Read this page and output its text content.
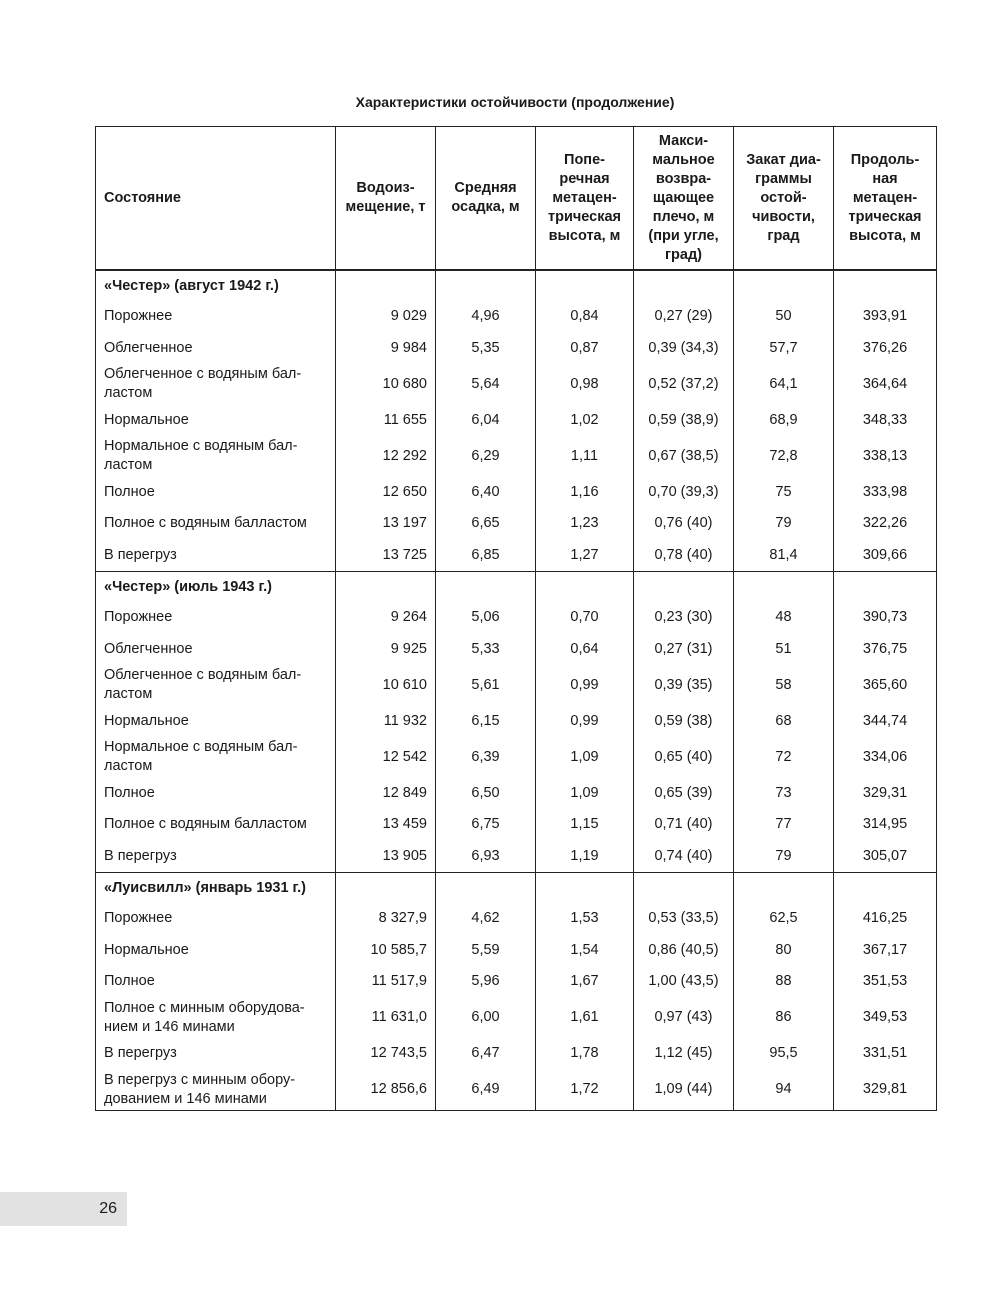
Характеристики остойчивости (продолжение)
Состояние	Водоиз-мещение, т	Средняя осадка, м	Попе-речная метацен-трическая высота, м	Макси-мальное возвра-щающее плечо, м (при угле, град)	Закат диа-граммы остой-чивости, град	Продоль-ная метацен-трическая высота, м
«Честер» (август 1942 г.)						
Порожнее	9 029	4,96	0,84	0,27 (29)	50	393,91
Облегченное	9 984	5,35	0,87	0,39 (34,3)	57,7	376,26
Облегченное с водяным бал-ластом	10 680	5,64	0,98	0,52 (37,2)	64,1	364,64
Нормальное	11 655	6,04	1,02	0,59 (38,9)	68,9	348,33
Нормальное с водяным бал-ластом	12 292	6,29	1,11	0,67 (38,5)	72,8	338,13
Полное	12 650	6,40	1,16	0,70 (39,3)	75	333,98
Полное с водяным балластом	13 197	6,65	1,23	0,76 (40)	79	322,26
В перегруз	13 725	6,85	1,27	0,78 (40)	81,4	309,66
«Честер» (июль 1943 г.)						
Порожнее	9 264	5,06	0,70	0,23 (30)	48	390,73
Облегченное	9 925	5,33	0,64	0,27 (31)	51	376,75
Облегченное с водяным бал-ластом	10 610	5,61	0,99	0,39 (35)	58	365,60
Нормальное	11 932	6,15	0,99	0,59 (38)	68	344,74
Нормальное с водяным бал-ластом	12 542	6,39	1,09	0,65 (40)	72	334,06
Полное	12 849	6,50	1,09	0,65 (39)	73	329,31
Полное с водяным балластом	13 459	6,75	1,15	0,71 (40)	77	314,95
В перегруз	13 905	6,93	1,19	0,74 (40)	79	305,07
«Луисвилл» (январь 1931 г.)						
Порожнее	8 327,9	4,62	1,53	0,53 (33,5)	62,5	416,25
Нормальное	10 585,7	5,59	1,54	0,86 (40,5)	80	367,17
Полное	11 517,9	5,96	1,67	1,00 (43,5)	88	351,53
Полное с минным оборудова-нием и 146 минами	11 631,0	6,00	1,61	0,97 (43)	86	349,53
В перегруз	12 743,5	6,47	1,78	1,12 (45)	95,5	331,51
В перегруз с минным обору-дованием и 146 минами	12 856,6	6,49	1,72	1,09 (44)	94	329,81
26
